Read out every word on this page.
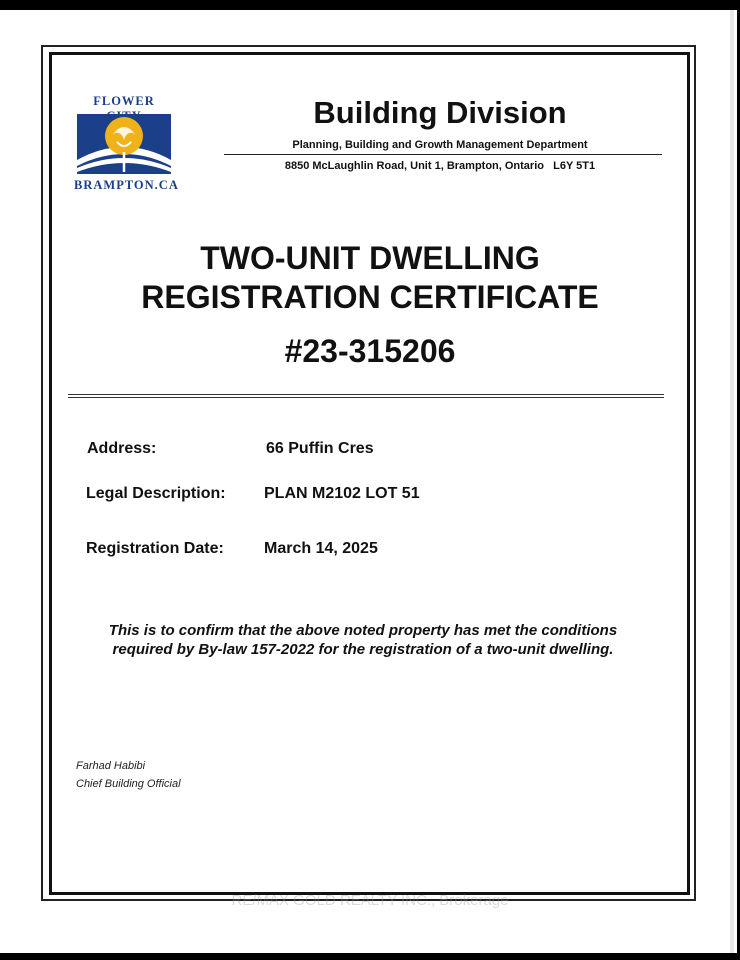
FLOWER
BRAMPTON.CA
Building Division
Planning, Building and Growth Management Department
8850 McLaughlin Road, Unit 1, Brampton, Ontario   L6Y 5T1
TWO-UNIT DWELLING
REGISTRATION CERTIFICATE
#23-315206
Address:	66 Puffin Cres
Legal Description: PLAN M2102 LOT 51
Registration Date:	March 14, 2025
This is to confirm that the above noted property has met the conditions
required by By-law 157-2022 for the registration of a two-unit dwelling.
Farhad Habibi
Chief Building Official
RE/MAX GOLD REALTY INC., Brokerage
